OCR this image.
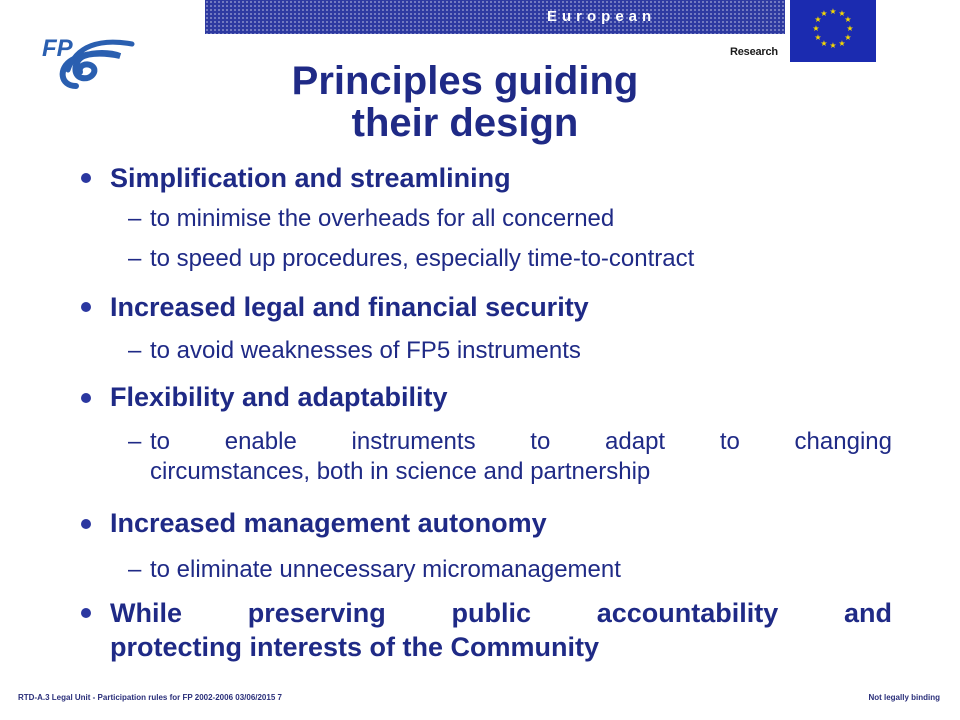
European Commission	Research
★ ★
★
★
★
★
★
★
★
★
★
★
FP
Principles guiding
their design
Simplification and streamlining
– to minimise the overheads for all concerned
– to speed up procedures, especially time-to-contract
Increased legal and financial security
– to avoid weaknesses of FP5 instruments
Flexibility and adaptability
– to enable instruments to adapt to changing
circumstances, both in science and partnership
Increased management autonomy
– to eliminate unnecessary micromanagement
While preserving public accountability and
protecting interests of the Community
RTD-A.3 Legal Unit - Participation rules for FP 2002-2006 03/06/2015 7	Not legally binding
